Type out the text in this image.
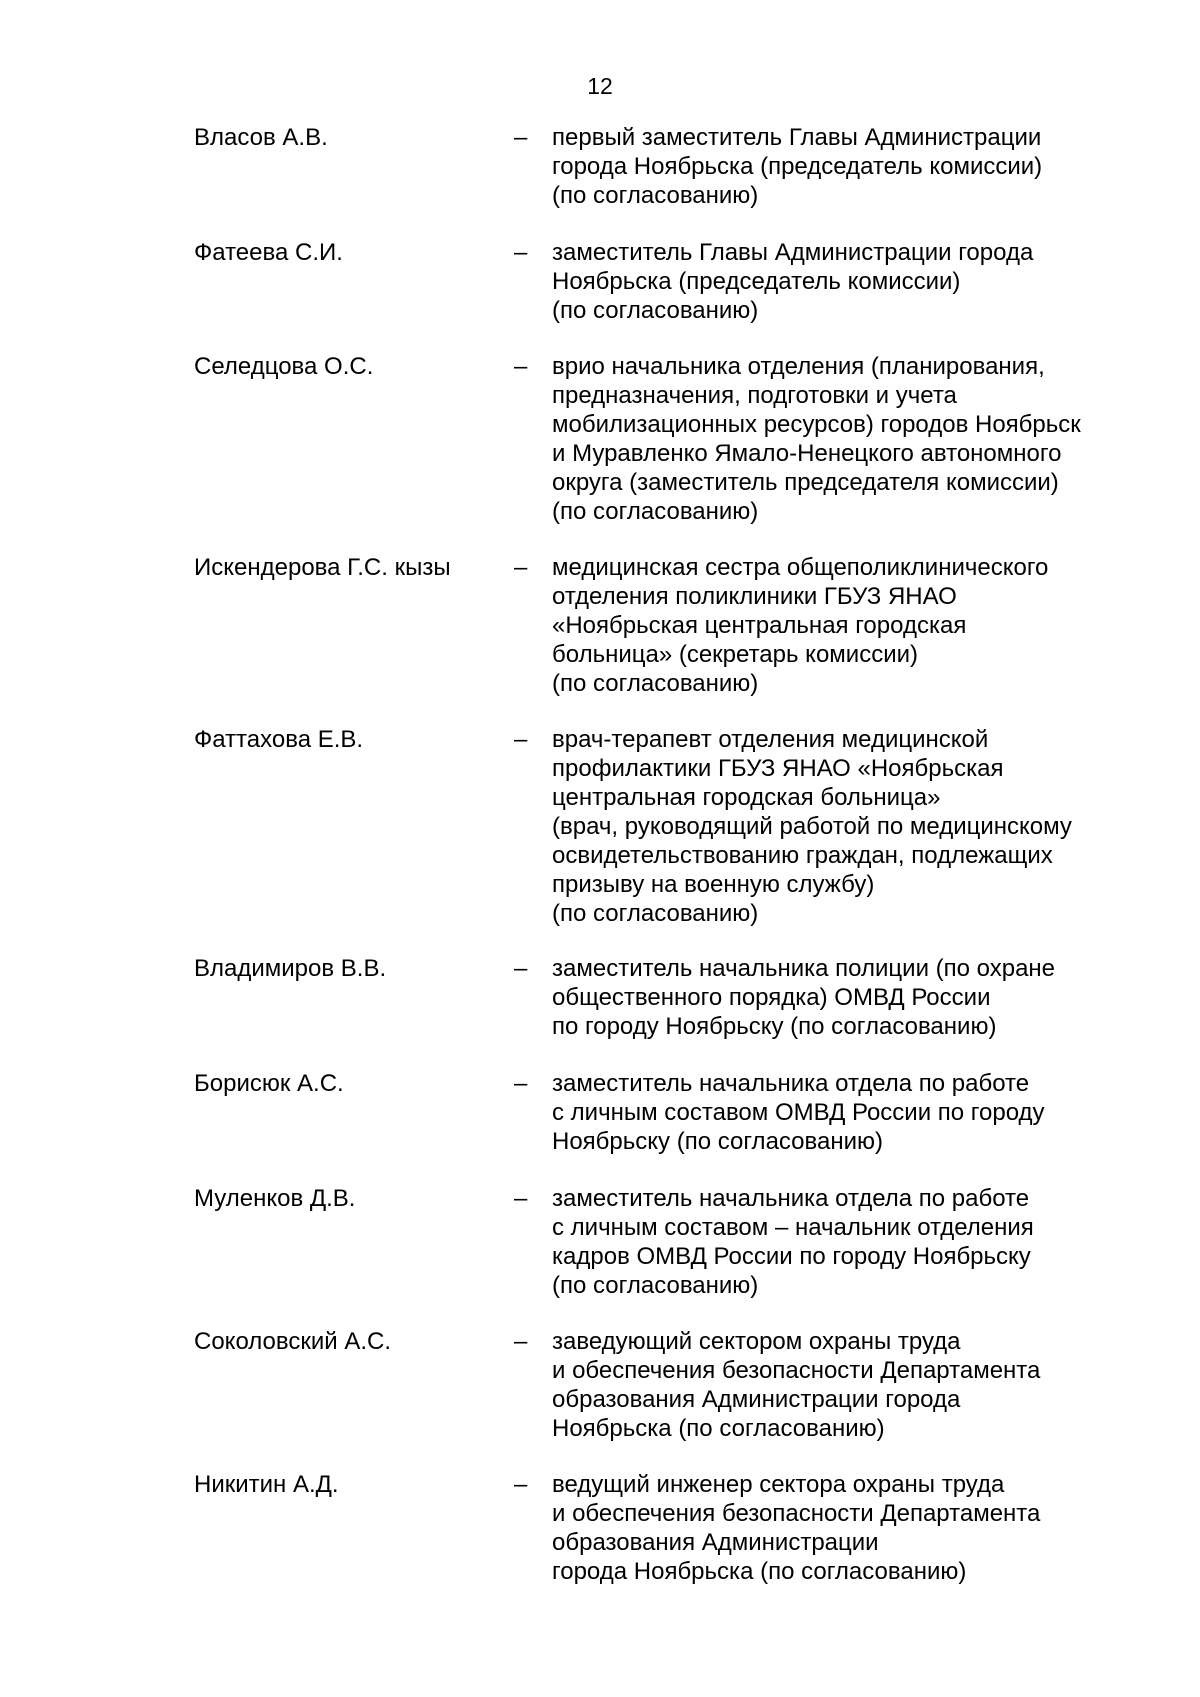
12
Власов А.В.	– первый заместитель Главы Администрации
города Ноябрьска (председатель комиссии)
(по согласованию)
Фатеева С.И.	– заместитель Главы Администрации города
Ноябрьска (председатель комиссии)
(по согласованию)
Селедцова О.С.	– врио начальника отделения (планирования,
предназначения, подготовки и учета
мобилизационных ресурсов) городов Ноябрьск
и Муравленко Ямало-Ненецкого автономного
округа (заместитель председателя комиссии)
(по согласованию)
Искендерова Г.С. кызы	– медицинская сестра общеполиклинического
отделения поликлиники ГБУЗ ЯНАО
«Ноябрьская центральная городская
больница» (секретарь комиссии)
(по согласованию)
Фаттахова Е.В.	– врач-терапевт отделения медицинской
профилактики ГБУЗ ЯНАО «Ноябрьская
центральная городская больница»
(врач, руководящий работой по медицинскому
освидетельствованию граждан, подлежащих
призыву на военную службу)
(по согласованию)
Владимиров В.В.	– заместитель начальника полиции (по охране
общественного порядка) ОМВД России
по городу Ноябрьску (по согласованию)
Борисюк А.С.	– заместитель начальника отдела по работе
с личным составом ОМВД России по городу
Ноябрьску (по согласованию)
Муленков Д.В.	– заместитель начальника отдела по работе
с личным составом – начальник отделения
кадров ОМВД России по городу Ноябрьску
(по согласованию)
Соколовский А.С.	– заведующий сектором охраны труда
и обеспечения безопасности Департамента
образования Администрации города
Ноябрьска (по согласованию)
Никитин А.Д.	– ведущий инженер сектора охраны труда
и обеспечения безопасности Департамента
образования Администрации
города Ноябрьска (по согласованию)
